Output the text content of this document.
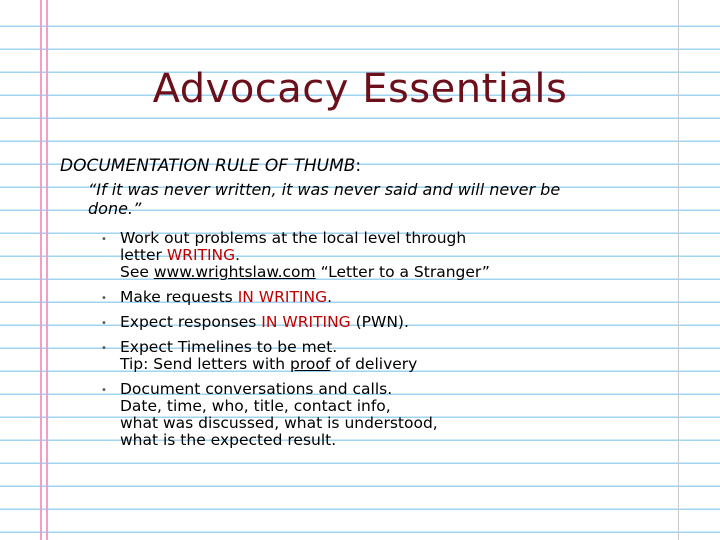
Advocacy Essentials
DOCUMENTATION RULE OF THUMB:
“If it was never written, it was never said and will never be
done.”
• Work out problems at the local level through
letter WRITING.
See www.wrightslaw.com “Letter to a Stranger”
• Make requests IN WRITING.
• Expect responses IN WRITING (PWN).
• Expect Timelines to be met.
Tip: Send letters with proof of delivery
• Document conversations and calls.
Date, time, who, title, contact info,
what was discussed, what is understood,
what is the expected result.
